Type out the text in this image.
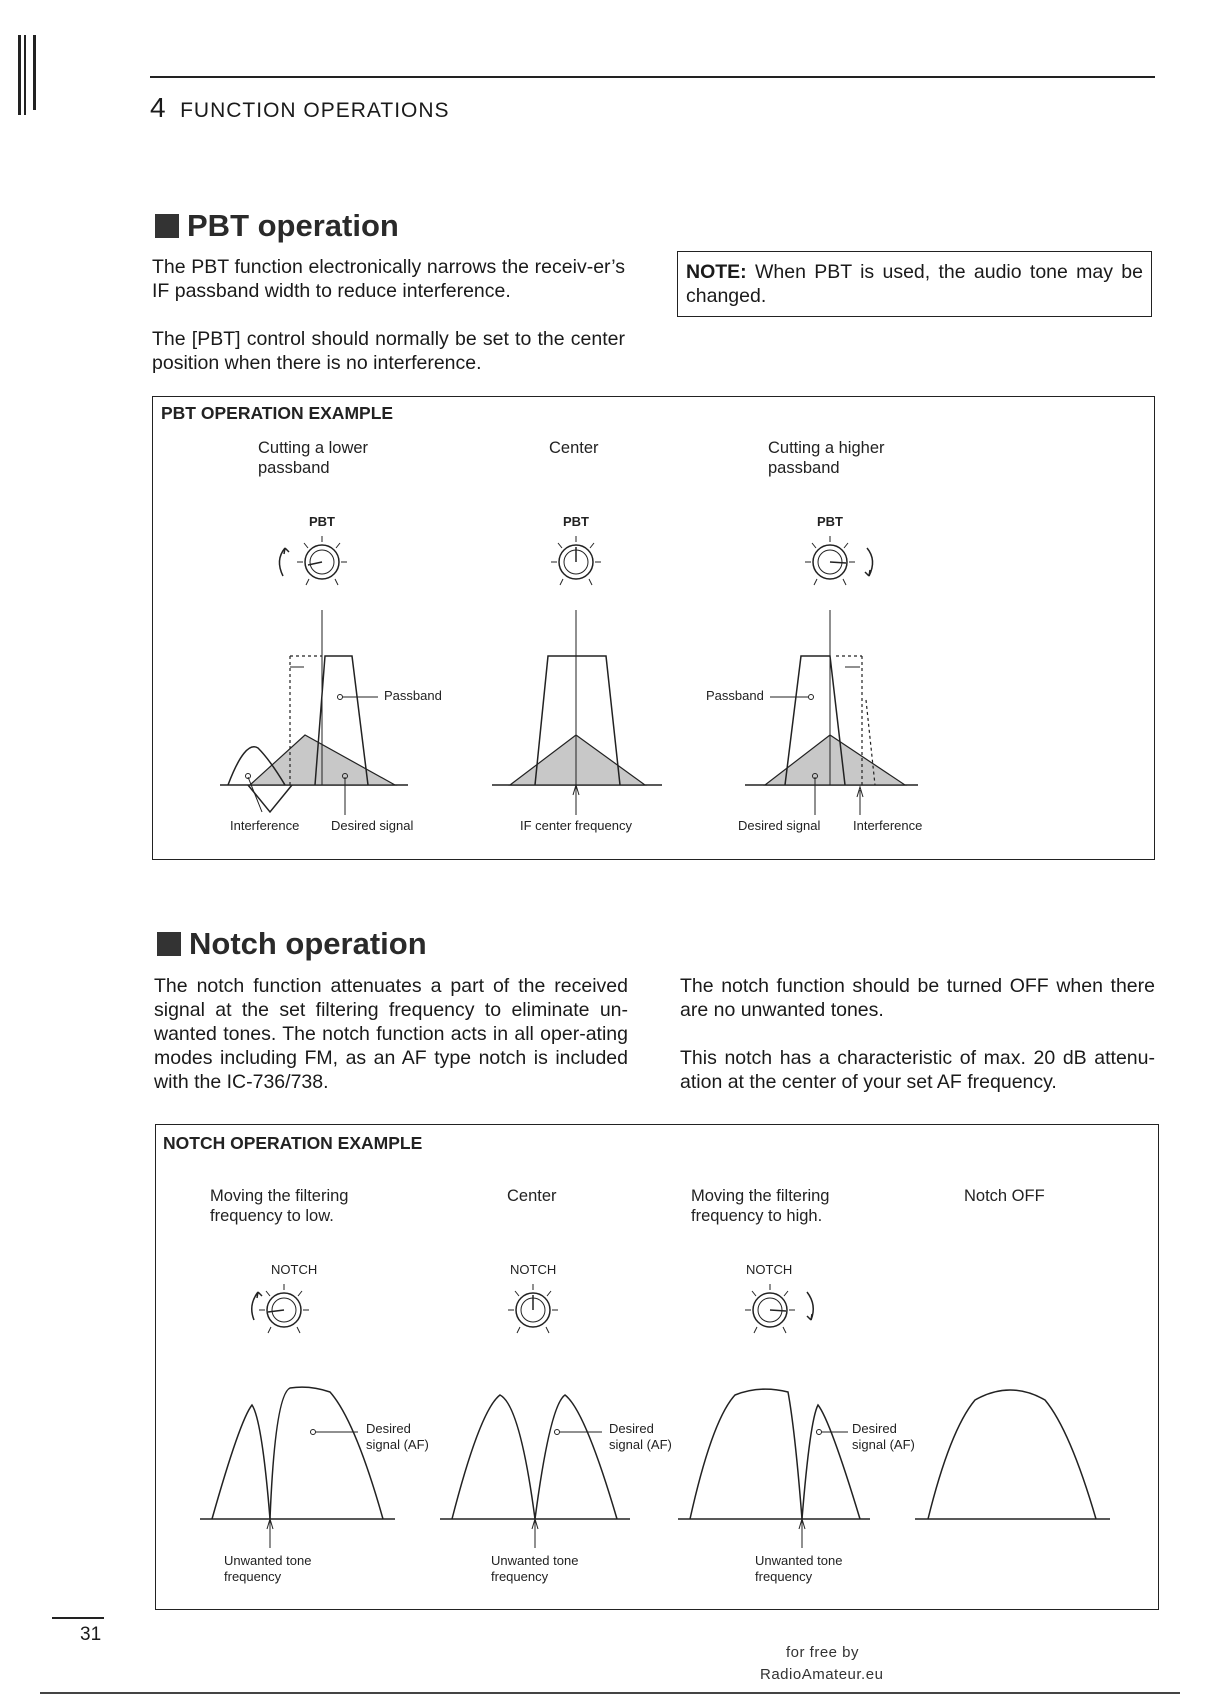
4 FUNCTION OPERATIONS
PBT operation
The PBT function electronically narrows the receiv-er’s IF passband width to reduce interference.
The [PBT] control should normally be set to the center position when there is no interference.
NOTE: When PBT is used, the audio tone may be changed.
PBT OPERATION EXAMPLE
Cutting a lower passband
Center	Cutting a higher passband
PBT	PBT	PBT
Passband	Passband
Interference Desired signal	IF center frequency	Desired signal	Interference
Notch operation
The notch function attenuates a part of the received signal at the set filtering frequency to eliminate un-wanted tones. The notch function acts in all oper-ating modes including FM, as an AF type notch is included with the IC-736/738.
The notch function should be turned OFF when there are no unwanted tones.
This notch has a characteristic of max. 20 dB attenu-ation at the center of your set AF frequency.
NOTCH OPERATION EXAMPLE
Moving the filtering frequency to low.
Center	Moving the filtering frequency to high.
Notch OFF
NOTCH	NOTCH	NOTCH
Desired signal (AF)
Desired signal (AF)
Desired signal (AF)
Unwanted tone frequency
Unwanted tone frequency
Unwanted tone frequency
31
for free by
RadioAmateur.eu
